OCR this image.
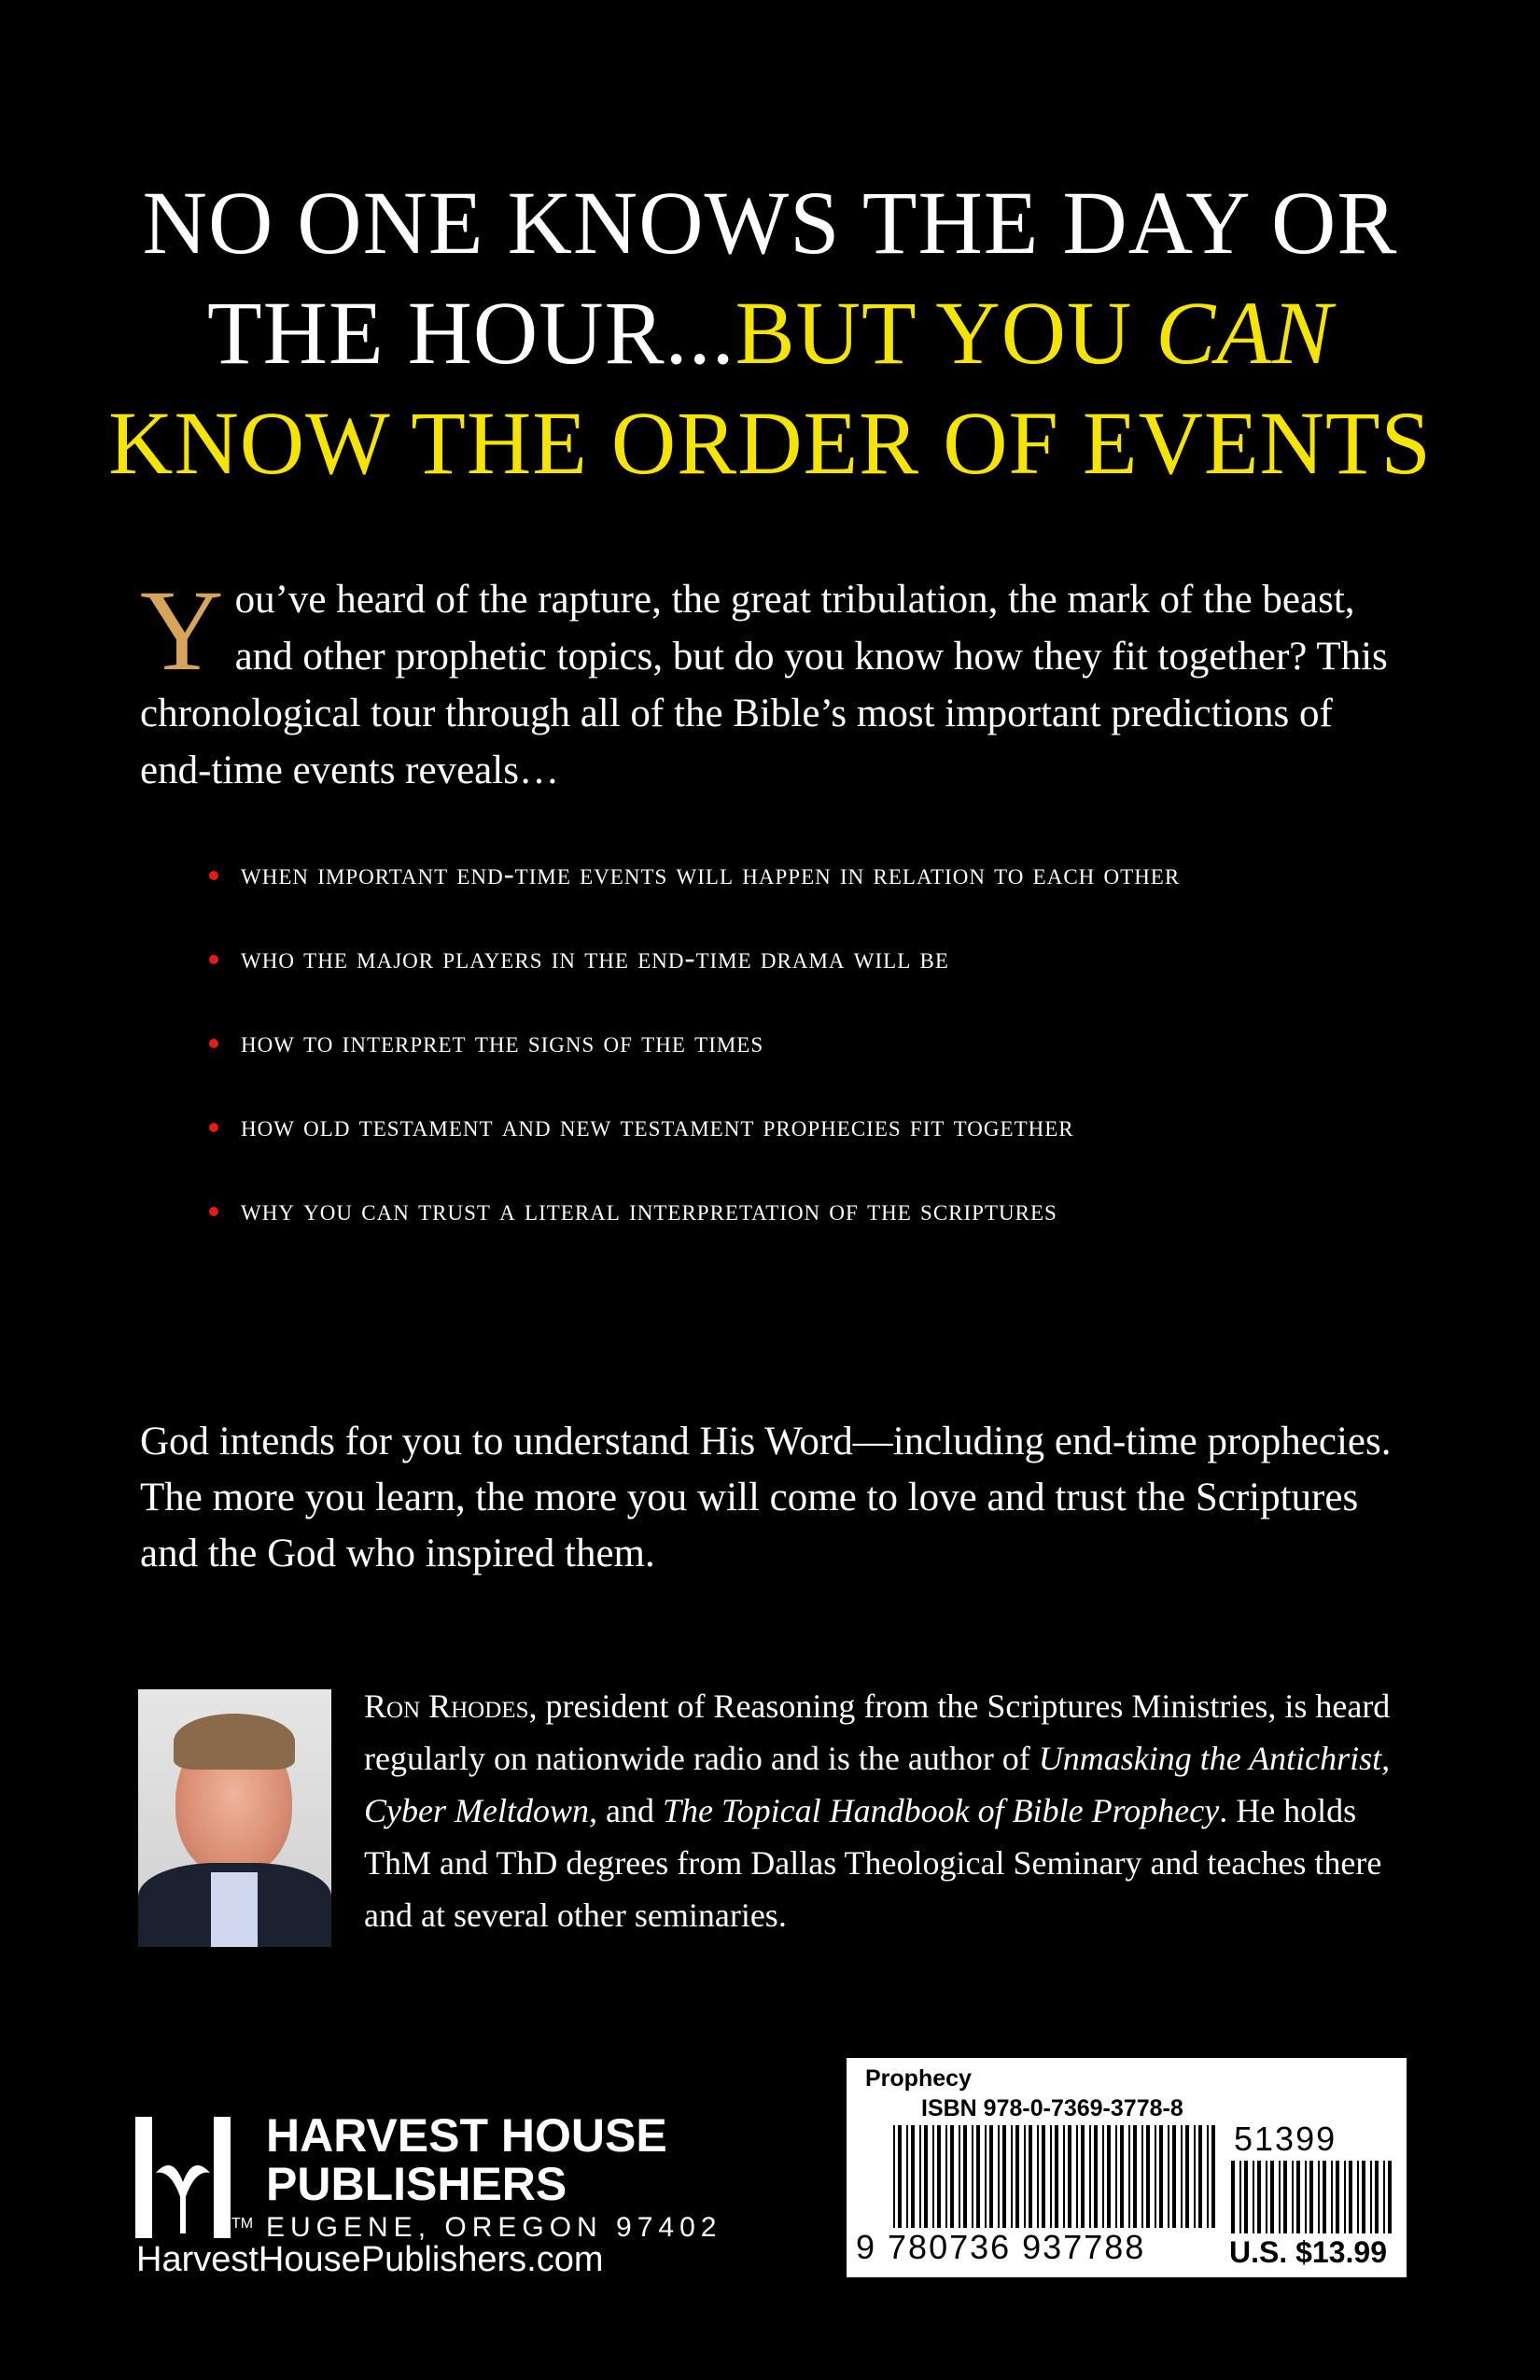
NO ONE KNOWS THE DAY OR
THE HOUR...BUT YOU CAN
KNOW THE ORDER OF EVENTS
You’ve heard of the rapture, the great tribulation, the mark of the beast, and other prophetic topics, but do you know how they fit together? This chronological tour through all of the Bible’s most important predictions of end-time events reveals…
when important end-time events will happen in relation to each other
who the major players in the end-time drama will be
how to interpret the signs of the times
how old testament and new testament prophecies fit together
why you can trust a literal interpretation of the scriptures
God intends for you to understand His Word—including end-time prophecies. The more you learn, the more you will come to love and trust the Scriptures and the God who inspired them.
Ron Rhodes, president of Reasoning from the Scriptures Ministries, is heard regularly on nationwide radio and is the author of Unmasking the Antichrist, Cyber Meltdown, and The Topical Handbook of Bible Prophecy. He holds ThM and ThD degrees from Dallas Theological Seminary and teaches there and at several other seminaries.
TM
HARVEST HOUSE
PUBLISHERS
EUGENE, OREGON 97402
HarvestHousePublishers.com
Prophecy
ISBN 978-0-7369-3778-8
9 780736 937788
51399
U.S. $13.99
